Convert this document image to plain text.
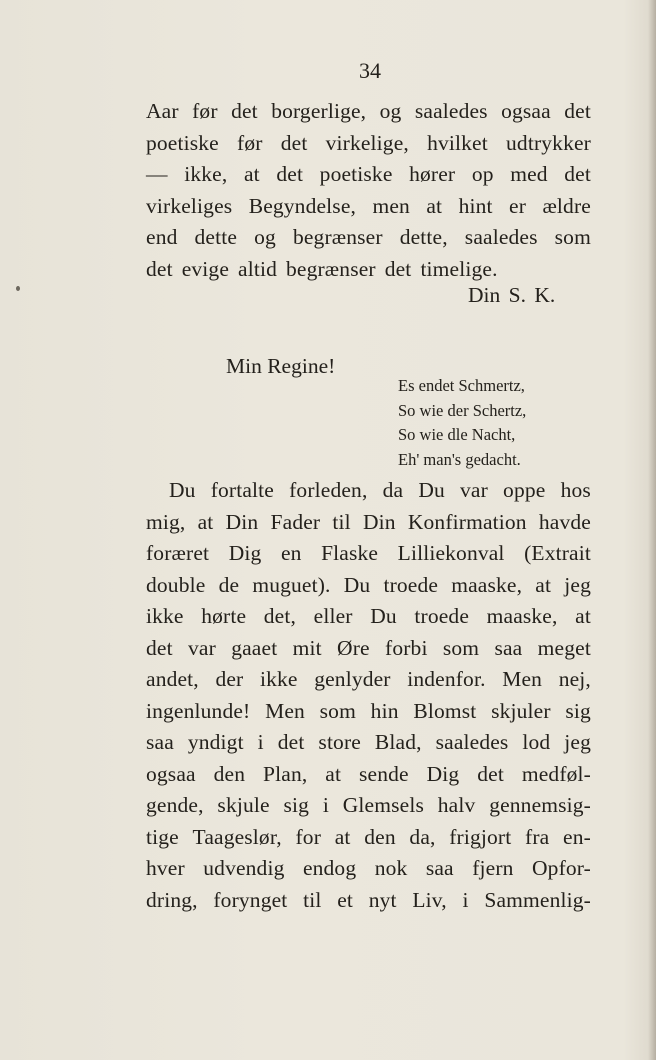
34
Aar før det borgerlige, og saaledes ogsaa det
poetiske før det virkelige, hvilket udtrykker
— ikke, at det poetiske hører op med det
virkeliges Begyndelse, men at hint er ældre
end dette og begrænser dette, saaledes som
det evige altid begrænser det timelige.
Din S. K.
Min Regine!
Es endet Schmertz,
So wie der Schertz,
So wie dle Nacht,
Eh' man's gedacht.
Du fortalte forleden, da Du var oppe hos
mig, at Din Fader til Din Konfirmation havde
foræret Dig en Flaske Lilliekonval (Extrait
double de muguet). Du troede maaske, at jeg
ikke hørte det, eller Du troede maaske, at
det var gaaet mit Øre forbi som saa meget
andet, der ikke genlyder indenfor. Men nej,
ingenlunde! Men som hin Blomst skjuler sig
saa yndigt i det store Blad, saaledes lod jeg
ogsaa den Plan, at sende Dig det medføl-
gende, skjule sig i Glemsels halv gennemsig-
tige Taageslør, for at den da, frigjort fra en-
hver udvendig endog nok saa fjern Opfor-
dring, forynget til et nyt Liv, i Sammenlig-
